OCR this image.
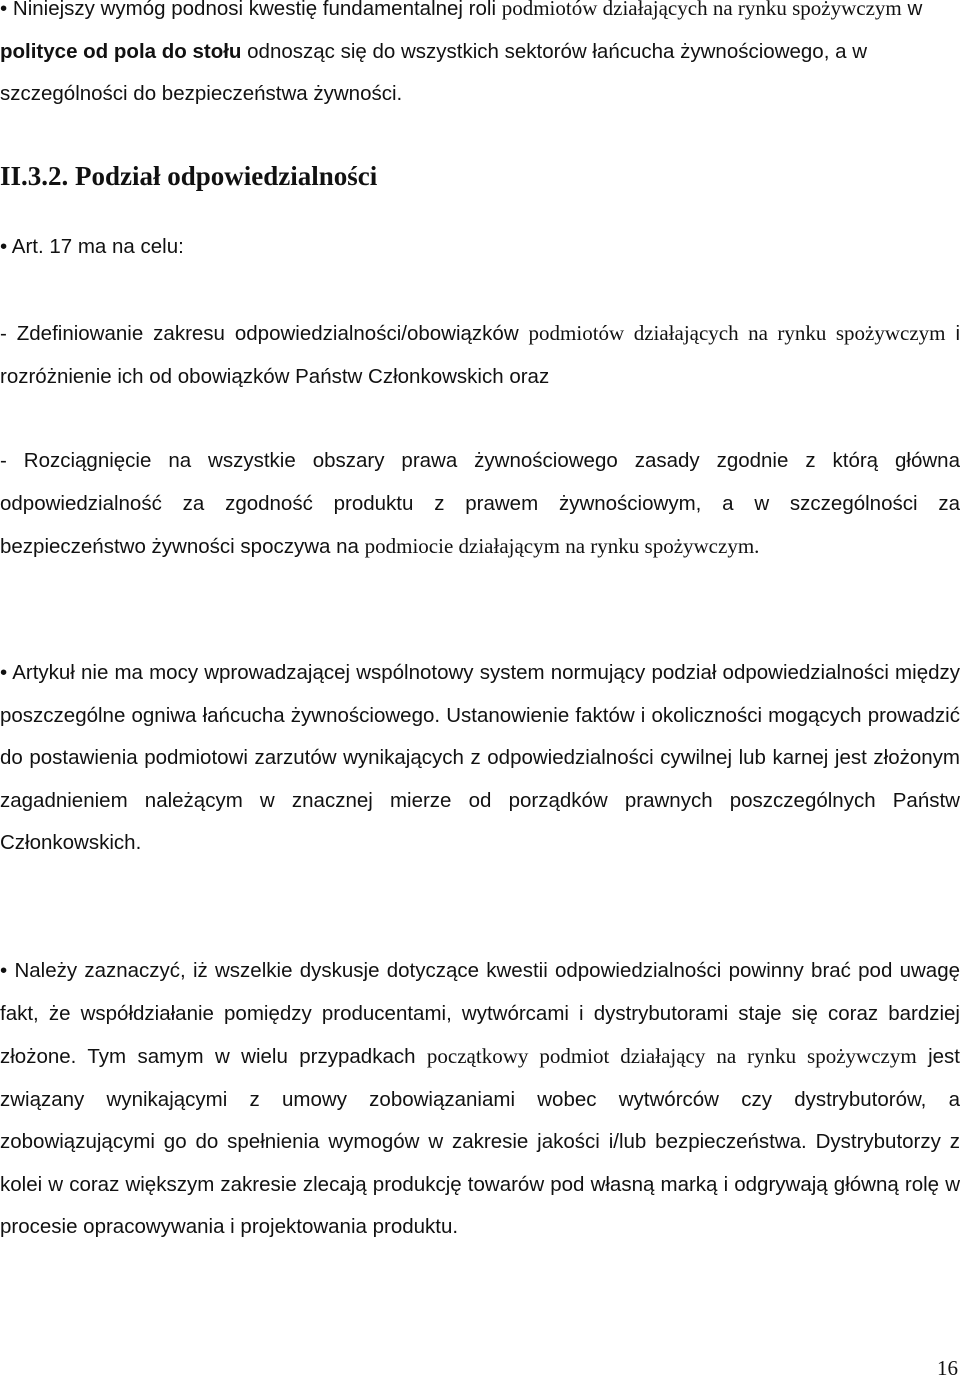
• Niniejszy wymóg podnosi kwestię fundamentalnej roli podmiotów działających na rynku spożywczym w polityce od pola do stołu odnosząc się do wszystkich sektorów łańcucha żywnościowego, a w szczególności do bezpieczeństwa żywności.

II.3.2. Podział odpowiedzialności

• Art. 17 ma na celu:

- Zdefiniowanie zakresu odpowiedzialności/obowiązków podmiotów działających na rynku spożywczym i rozróżnienie ich od obowiązków Państw Członkowskich oraz

- Rozciągnięcie na wszystkie obszary prawa żywnościowego zasady zgodnie z którą główna odpowiedzialność za zgodność produktu z prawem żywnościowym, a w szczególności za bezpieczeństwo żywności spoczywa na podmiocie działającym na rynku spożywczym.

• Artykuł nie ma mocy wprowadzającej wspólnotowy system normujący podział odpowiedzialności między poszczególne ogniwa łańcucha żywnościowego. Ustanowienie faktów i okoliczności mogących prowadzić do postawienia podmiotowi zarzutów wynikających z odpowiedzialności cywilnej lub karnej jest złożonym zagadnieniem należącym w znacznej mierze od porządków prawnych poszczególnych Państw Członkowskich.

• Należy zaznaczyć, iż wszelkie dyskusje dotyczące kwestii odpowiedzialności powinny brać pod uwagę fakt, że współdziałanie pomiędzy producentami, wytwórcami i dystrybutorami staje się coraz bardziej złożone. Tym samym w wielu przypadkach początkowy podmiot działający na rynku spożywczym jest związany wynikającymi z umowy zobowiązaniami wobec wytwórców czy dystrybutorów, a zobowiązującymi go do spełnienia wymogów w zakresie jakości i/lub bezpieczeństwa. Dystrybutorzy z kolei w coraz większym zakresie zlecają produkcję towarów pod własną marką i odgrywają główną rolę w procesie opracowywania i projektowania produktu.

16
